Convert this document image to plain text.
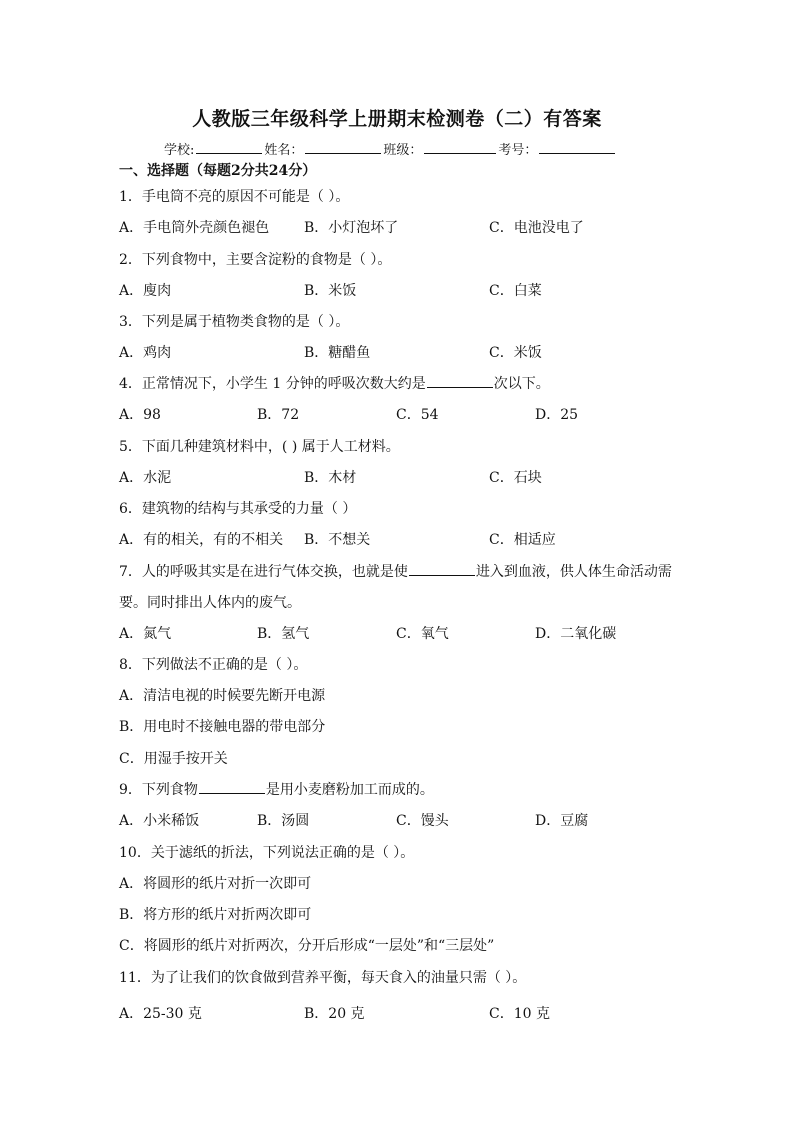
人教版三年级科学上册期末检测卷（二）有答案
学校:	姓名：	班级：	考号：
一、选择题（每题2分共24分）
1．手电筒不亮的原因不可能是（ ）。
A．手电筒外壳颜色褪色 B．小灯泡坏了	C．电池没电了
2．下列食物中，主要含淀粉的食物是（ ）。
A．廋肉	B．米饭	C．白菜
3．下列是属于植物类食物的是（ ）。
A．鸡肉	B．糖醋鱼	C．米饭
4．正常情况下，小学生 1 分钟的呼吸次数大约是	次以下。
A．98	B．72	C．54	D．25
5．下面几种建筑材料中，( ) 属于人工材料。
A．水泥	B．木材	C．石块
6．建筑物的结构与其承受的力量（ ）
A．有的相关，有的不相关 B．不想关	C．相适应
7．人的呼吸其实是在进行气体交换，也就是使	进入到血液，供人体生命活动需
要。同时排出人体内的废气。
A．氮气	B．氢气	C．氧气	D．二氧化碳
8．下列做法不正确的是（ ）。
A．清洁电视的时候要先断开电源
B．用电时不接触电器的带电部分
C．用湿手按开关
9．下列食物	是用小麦磨粉加工而成的。
A．小米稀饭	B．汤圆	C．馒头	D．豆腐
10．关于滤纸的折法，下列说法正确的是（ ）。
A．将圆形的纸片对折一次即可
B．将方形的纸片对折两次即可
C．将圆形的纸片对折两次，分开后形成“一层处”和“三层处”
11．为了让我们的饮食做到营养平衡，每天食入的油量只需（ ）。
A．25-30 克	B．20 克	C．10 克
